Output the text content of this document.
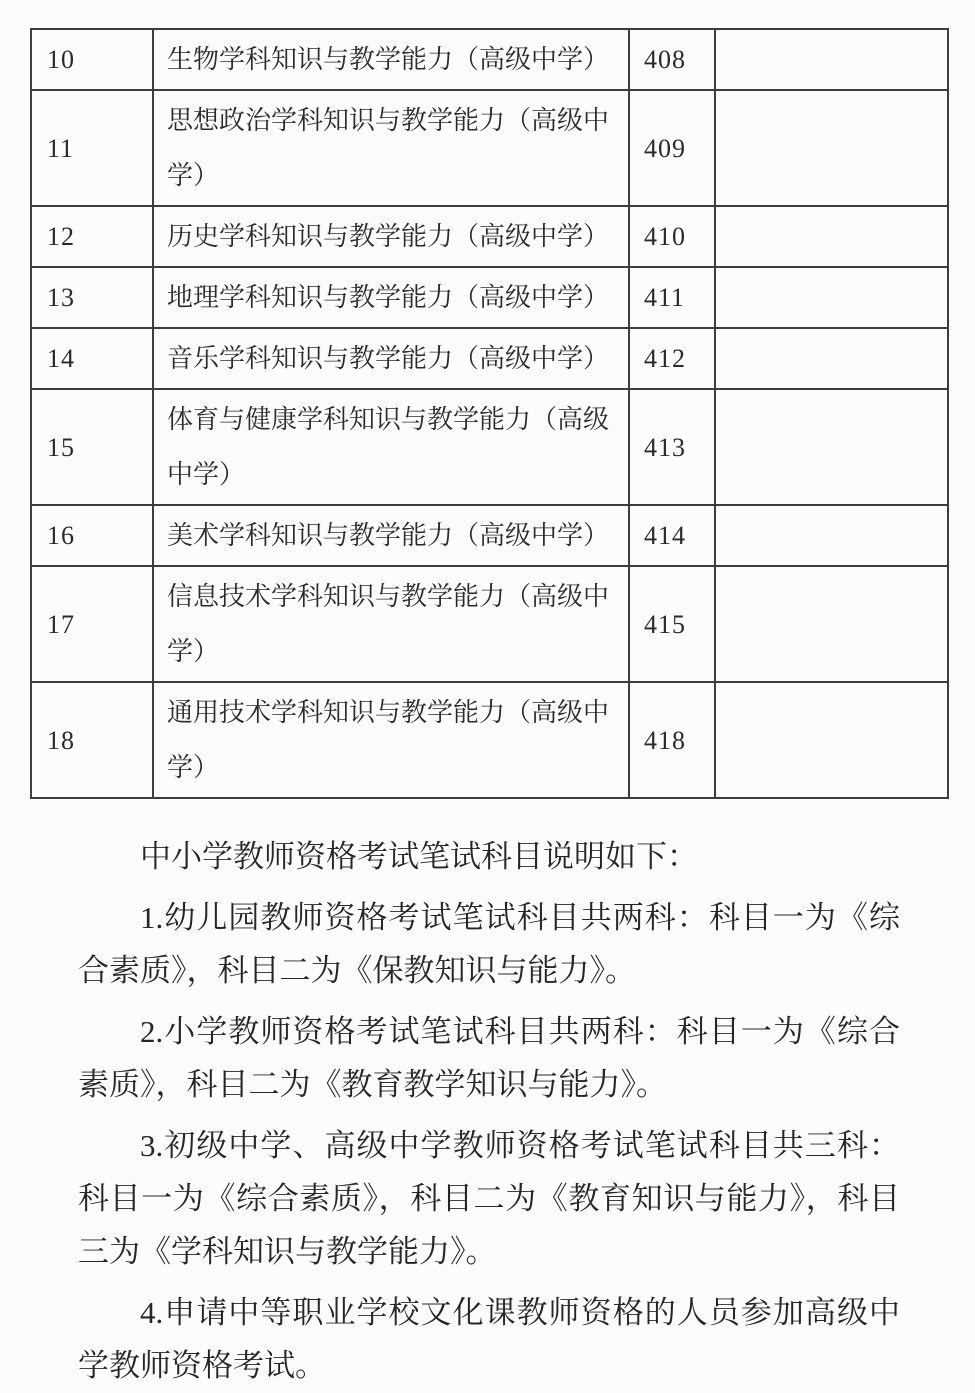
10	生物学科知识与教学能力（高级中学）	408	
11	思想政治学科知识与教学能力（高级中学）	409	
12	历史学科知识与教学能力（高级中学）	410	
13	地理学科知识与教学能力（高级中学）	411	
14	音乐学科知识与教学能力（高级中学）	412	
15	体育与健康学科知识与教学能力（高级中学）	413	
16	美术学科知识与教学能力（高级中学）	414	
17	信息技术学科知识与教学能力（高级中学）	415	
18	通用技术学科知识与教学能力（高级中学）	418	

中小学教师资格考试笔试科目说明如下：

1.幼儿园教师资格考试笔试科目共两科：科目一为《综合素质》，科目二为《保教知识与能力》。

2.小学教师资格考试笔试科目共两科：科目一为《综合素质》，科目二为《教育教学知识与能力》。

3.初级中学、高级中学教师资格考试笔试科目共三科：科目一为《综合素质》，科目二为《教育知识与能力》，科目三为《学科知识与教学能力》。

4.申请中等职业学校文化课教师资格的人员参加高级中学教师资格考试。
